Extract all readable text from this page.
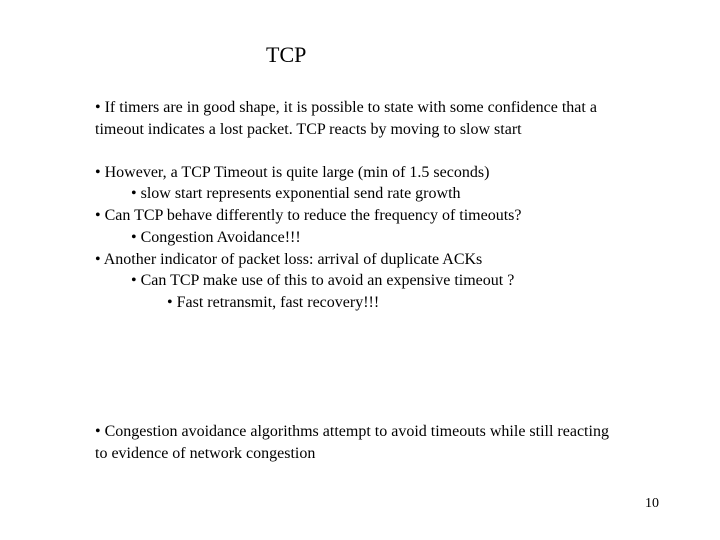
TCP
• If timers are in good shape, it is possible to state with some confidence that a
timeout indicates a lost packet. TCP reacts by moving to slow start
• However, a TCP Timeout is quite large (min of 1.5 seconds)
• slow start represents exponential send rate growth
• Can TCP behave differently to reduce the frequency of timeouts?
• Congestion Avoidance!!!
• Another indicator of packet loss: arrival of duplicate ACKs
• Can TCP make use of this to avoid an expensive timeout ?
• Fast retransmit, fast recovery!!!
• Congestion avoidance algorithms attempt to avoid timeouts while still reacting
to evidence of network congestion
10
